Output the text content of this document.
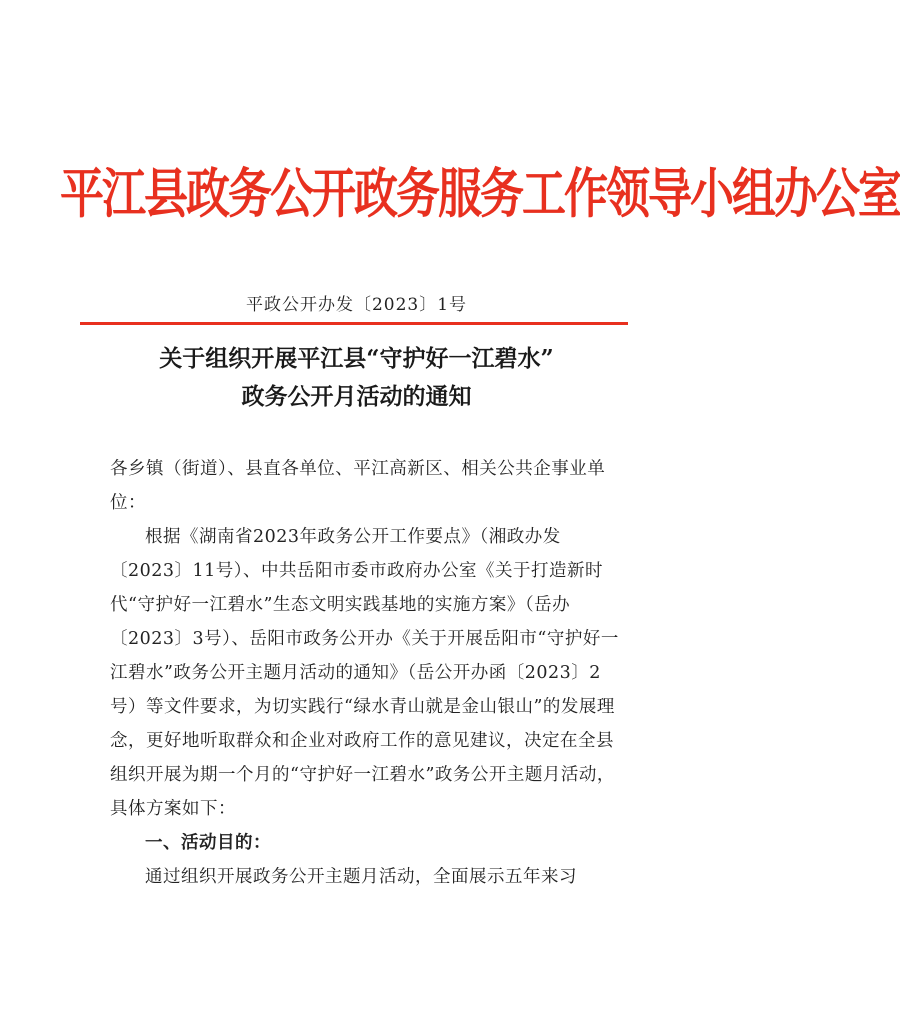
平江县政务公开政务服务工作领导小组办公室
平政公开办发〔2023〕1号
关于组织开展平江县“守护好一江碧水”
政务公开月活动的通知

各乡镇（街道）、县直各单位、平江高新区、相关公共企事业单位：

根据《湖南省2023年政务公开工作要点》（湘政办发〔2023〕11号）、中共岳阳市委市政府办公室《关于打造新时代“守护好一江碧水”生态文明实践基地的实施方案》（岳办〔2023〕3号）、岳阳市政务公开办《关于开展岳阳市“守护好一江碧水”政务公开主题月活动的通知》（岳公开办函〔2023〕2号）等文件要求，为切实践行“绿水青山就是金山银山”的发展理念，更好地听取群众和企业对政府工作的意见建议，决定在全县组织开展为期一个月的“守护好一江碧水”政务公开主题月活动，具体方案如下：

一、活动目的：

通过组织开展政务公开主题月活动，全面展示五年来习
